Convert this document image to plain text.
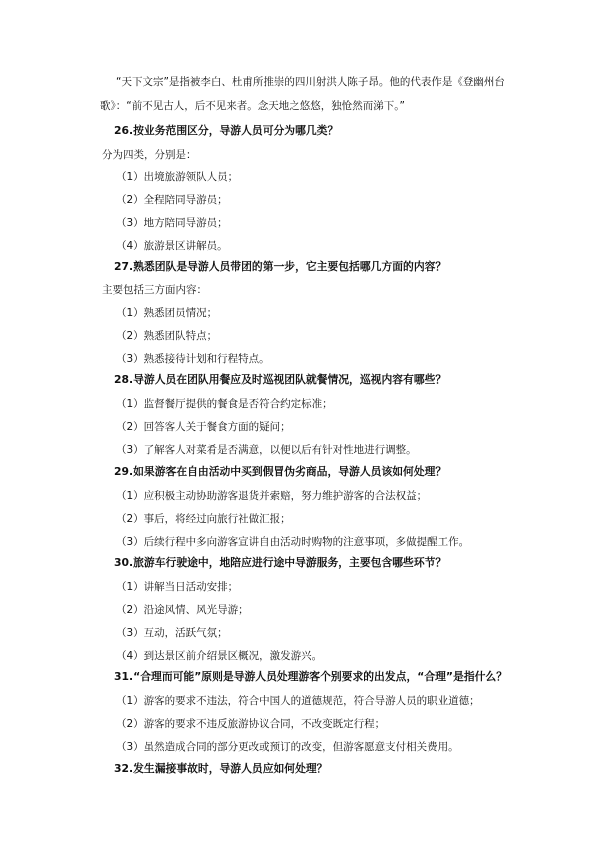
“天下文宗”是指被李白、杜甫所推崇的四川射洪人陈子昂。他的代表作是《登幽州台
歌》：“前不见古人，后不见来者。念天地之悠悠，独怆然而涕下。”
26.按业务范围区分，导游人员可分为哪几类？
分为四类，分别是：
（1）出境旅游领队人员；
（2）全程陪同导游员；
（3）地方陪同导游员；
（4）旅游景区讲解员。
27.熟悉团队是导游人员带团的第一步，它主要包括哪几方面的内容？
主要包括三方面内容：
（1）熟悉团员情况；
（2）熟悉团队特点；
（3）熟悉接待计划和行程特点。
28.导游人员在团队用餐应及时巡视团队就餐情况，巡视内容有哪些？
（1）监督餐厅提供的餐食是否符合约定标准；
（2）回答客人关于餐食方面的疑问；
（3）了解客人对菜肴是否满意，以便以后有针对性地进行调整。
29.如果游客在自由活动中买到假冒伪劣商品，导游人员该如何处理？
（1）应积极主动协助游客退货并索赔，努力维护游客的合法权益；
（2）事后，将经过向旅行社做汇报；
（3）后续行程中多向游客宣讲自由活动时购物的注意事项，多做提醒工作。
30.旅游车行驶途中，地陪应进行途中导游服务，主要包含哪些环节？
（1）讲解当日活动安排；
（2）沿途风情、风光导游；
（3）互动，活跃气氛；
（4）到达景区前介绍景区概况，激发游兴。
31.“合理而可能”原则是导游人员处理游客个别要求的出发点，“合理”是指什么？
（1）游客的要求不违法，符合中国人的道德规范，符合导游人员的职业道德；
（2）游客的要求不违反旅游协议合同，不改变既定行程；
（3）虽然造成合同的部分更改或预订的改变，但游客愿意支付相关费用。
32.发生漏接事故时，导游人员应如何处理？
